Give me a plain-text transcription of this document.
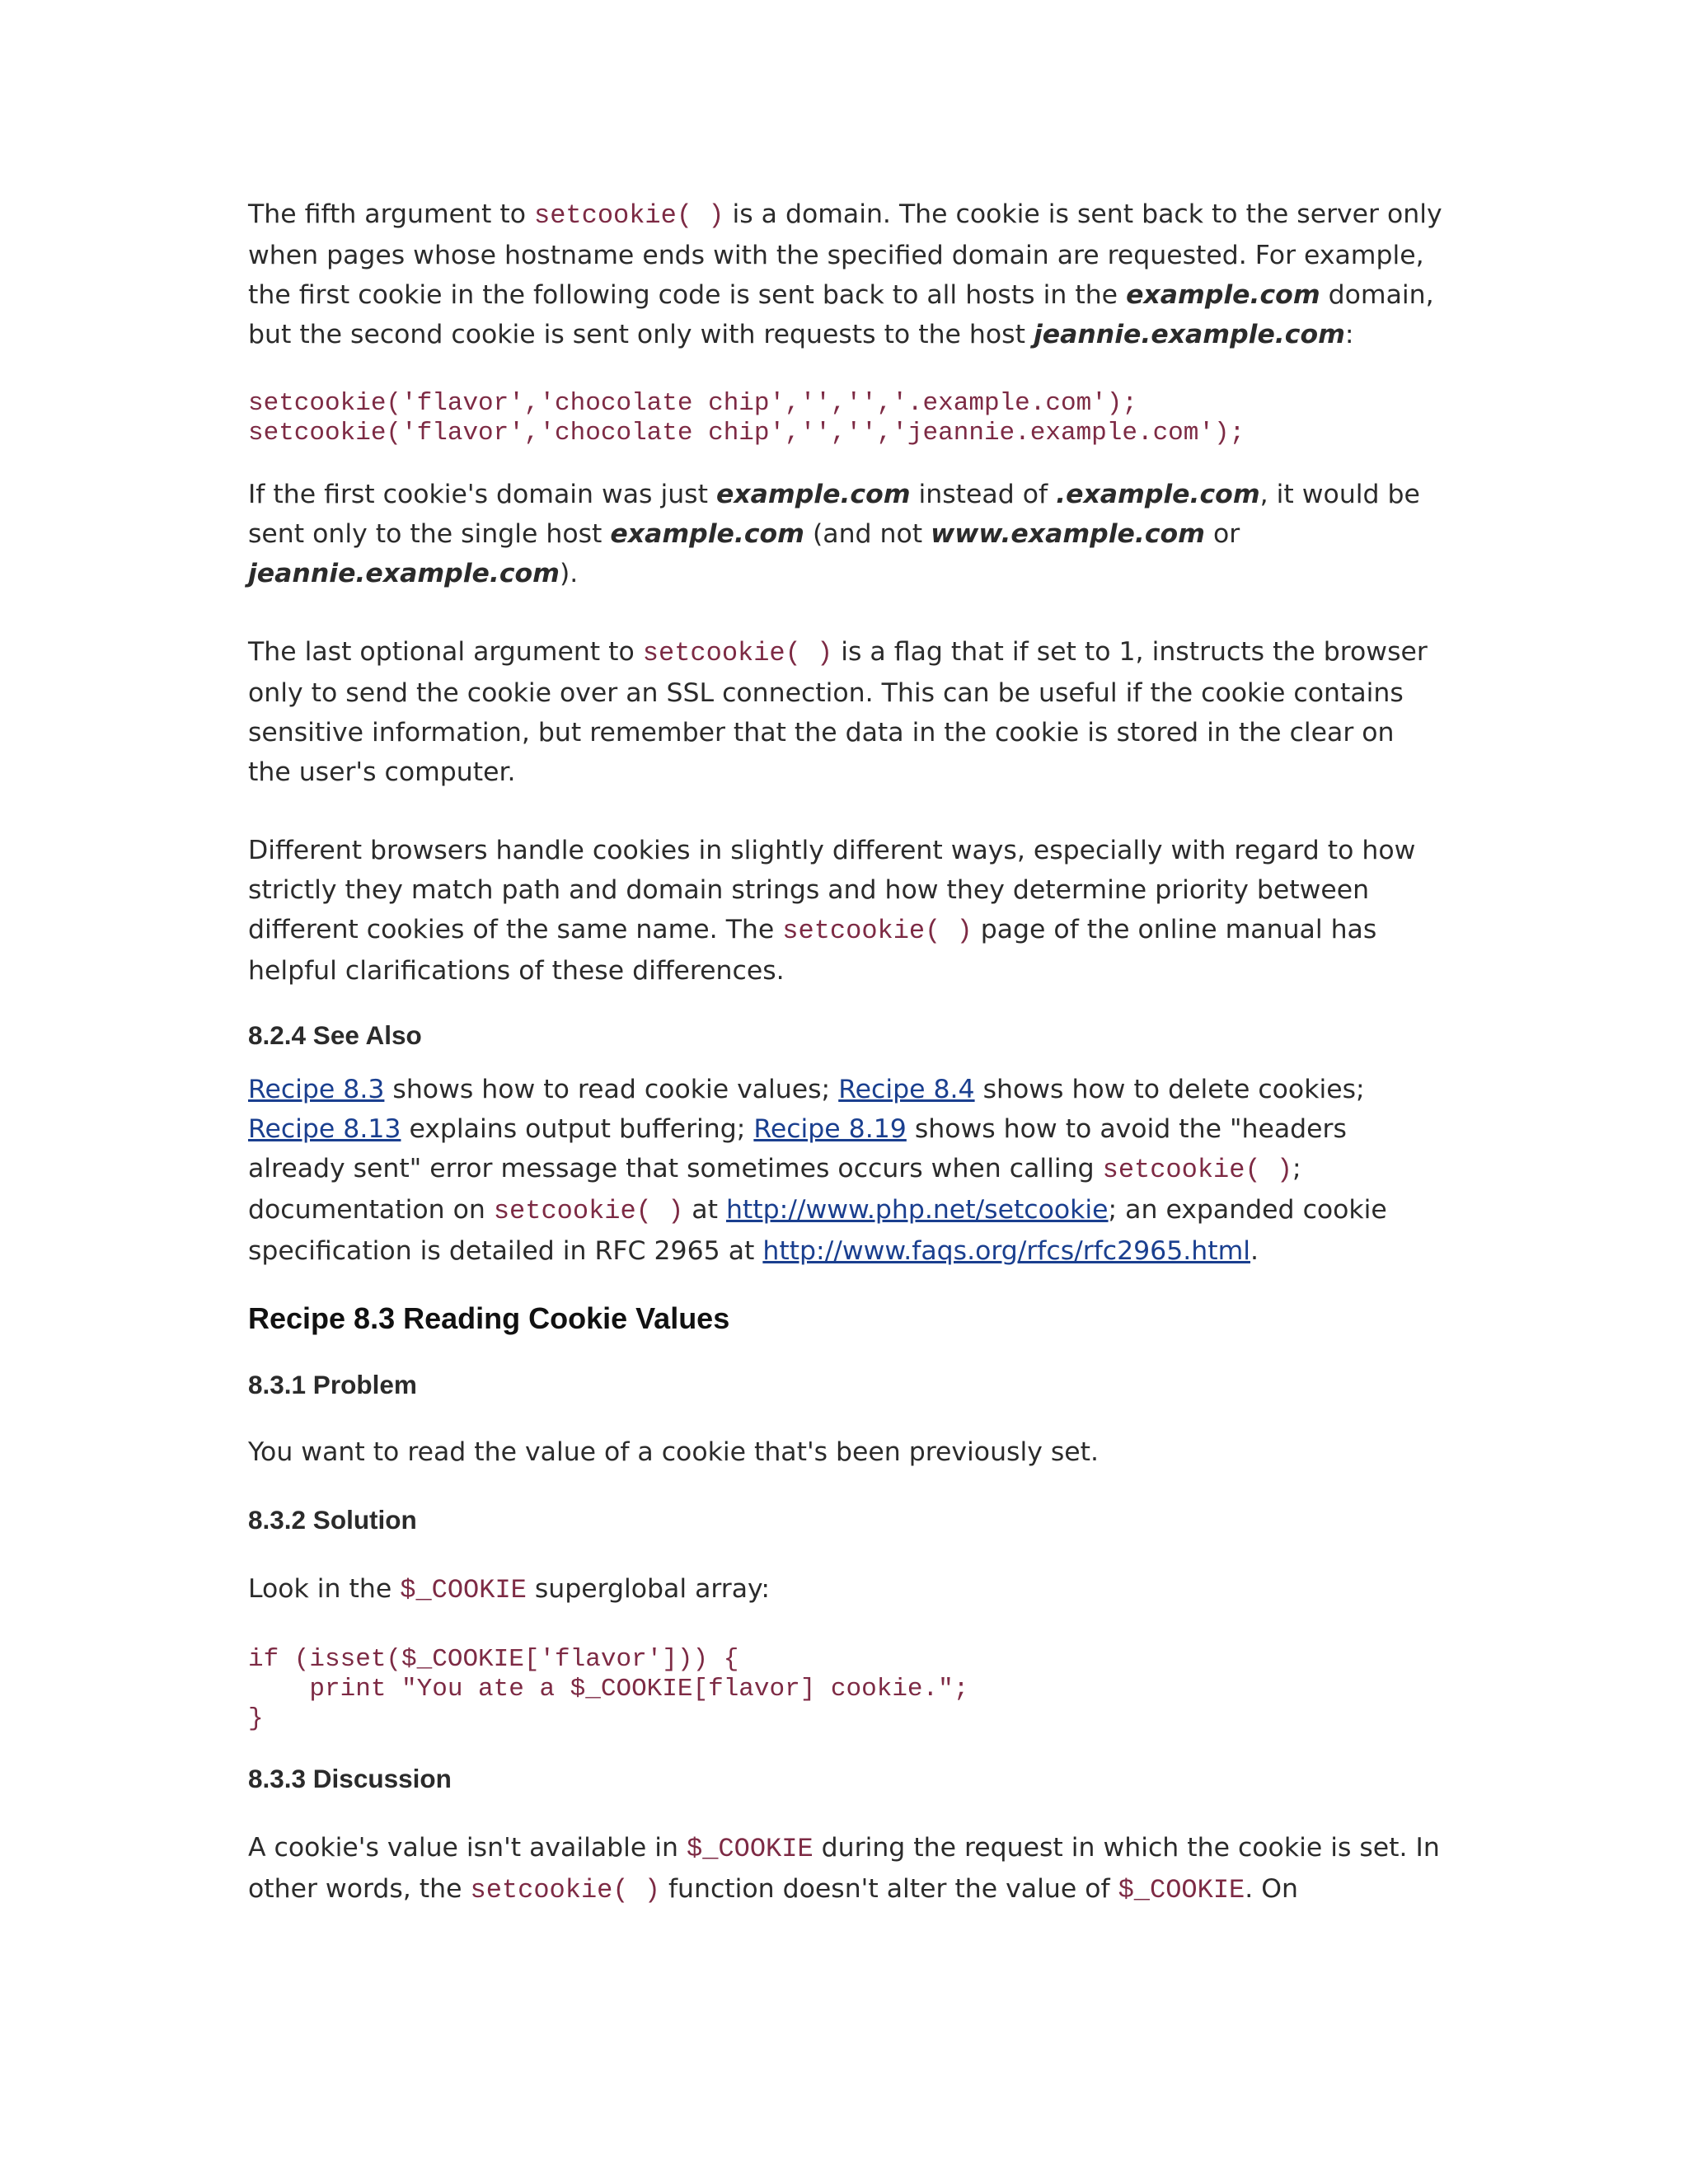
The fifth argument to setcookie( ) is a domain. The cookie is sent back to the server only when pages whose hostname ends with the specified domain are requested. For example, the first cookie in the following code is sent back to all hosts in the example.com domain, but the second cookie is sent only with requests to the host jeannie.example.com:

setcookie('flavor','chocolate chip','','','.example.com');
setcookie('flavor','chocolate chip','','','jeannie.example.com');

If the first cookie's domain was just example.com instead of .example.com, it would be sent only to the single host example.com (and not www.example.com or jeannie.example.com).

The last optional argument to setcookie( ) is a flag that if set to 1, instructs the browser only to send the cookie over an SSL connection. This can be useful if the cookie contains sensitive information, but remember that the data in the cookie is stored in the clear on the user's computer.

Different browsers handle cookies in slightly different ways, especially with regard to how strictly they match path and domain strings and how they determine priority between different cookies of the same name. The setcookie( ) page of the online manual has helpful clarifications of these differences.

8.2.4 See Also

Recipe 8.3 shows how to read cookie values; Recipe 8.4 shows how to delete cookies; Recipe 8.13 explains output buffering; Recipe 8.19 shows how to avoid the "headers already sent" error message that sometimes occurs when calling setcookie( ); documentation on setcookie( ) at http://www.php.net/setcookie; an expanded cookie specification is detailed in RFC 2965 at http://www.faqs.org/rfcs/rfc2965.html.

Recipe 8.3 Reading Cookie Values
8.3.1 Problem

You want to read the value of a cookie that's been previously set.

8.3.2 Solution

Look in the $_COOKIE superglobal array:

if (isset($_COOKIE['flavor'])) {
print "You ate a $_COOKIE[flavor] cookie.";
}
8.3.3 Discussion

A cookie's value isn't available in $_COOKIE during the request in which the cookie is set. In other words, the setcookie( ) function doesn't alter the value of $_COOKIE. On
